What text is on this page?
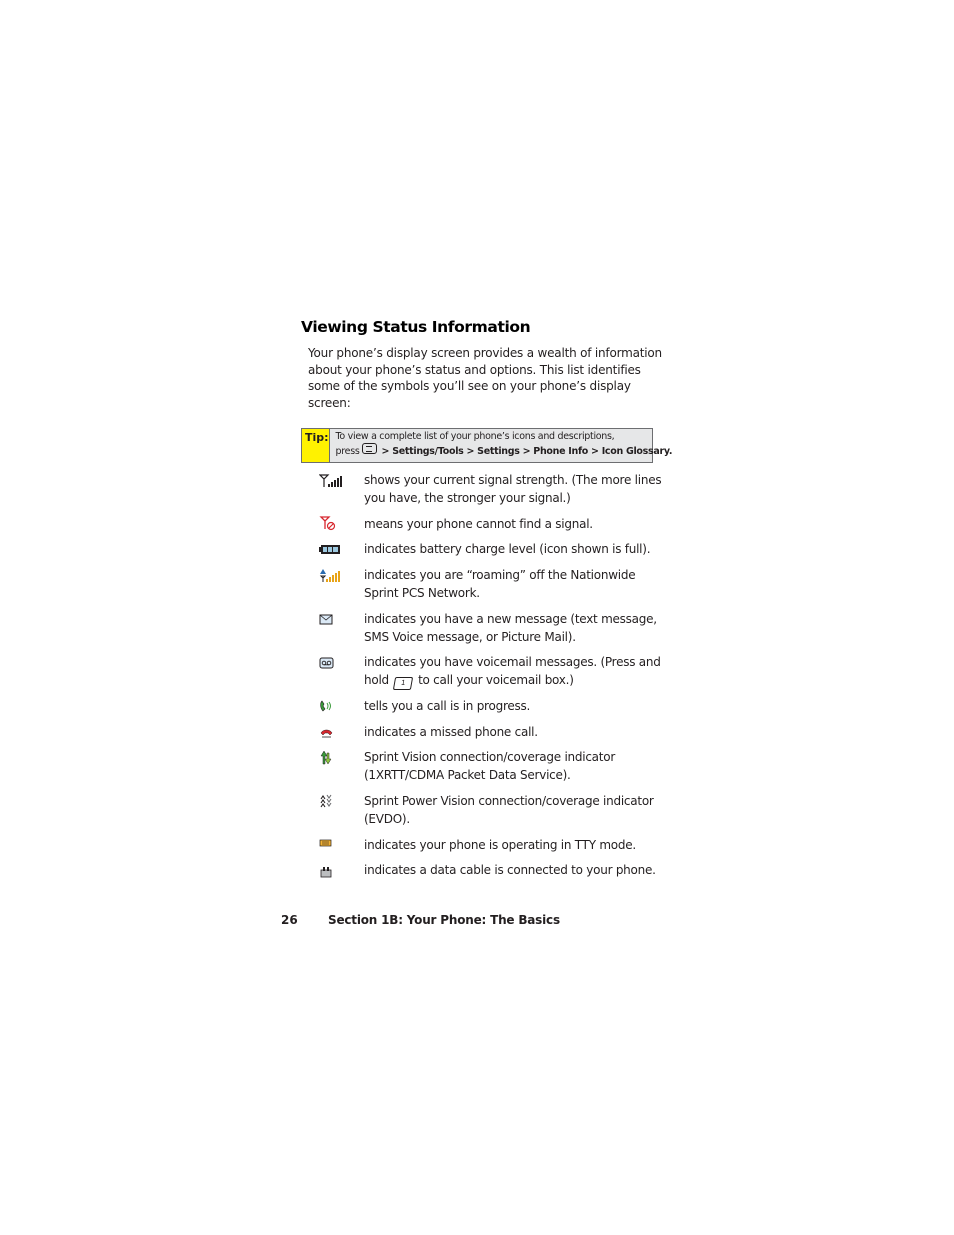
Viewing Status Information
Your phone’s display screen provides a wealth of information about your phone’s status and options. This list identifies some of the symbols you’ll see on your phone’s display screen:
Tip: To view a complete list of your phone’s icons and descriptions,
press > Settings/Tools > Settings > Phone Info > Icon Glossary.
shows your current signal strength. (The more lines you have, the stronger your signal.)
means your phone cannot find a signal.
indicates battery charge level (icon shown is full).
indicates you are “roaming” off the Nationwide Sprint PCS Network.
indicates you have a new message (text message, SMS Voice message, or Picture Mail).
indicates you have voicemail messages. (Press and hold 1 to call your voicemail box.)
tells you a call is in progress.
indicates a missed phone call.
Sprint Vision connection/coverage indicator (1XRTT/CDMA Packet Data Service).
Sprint Power Vision connection/coverage indicator (EVDO).
indicates your phone is operating in TTY mode.
indicates a data cable is connected to your phone.
26	Section 1B: Your Phone: The Basics
